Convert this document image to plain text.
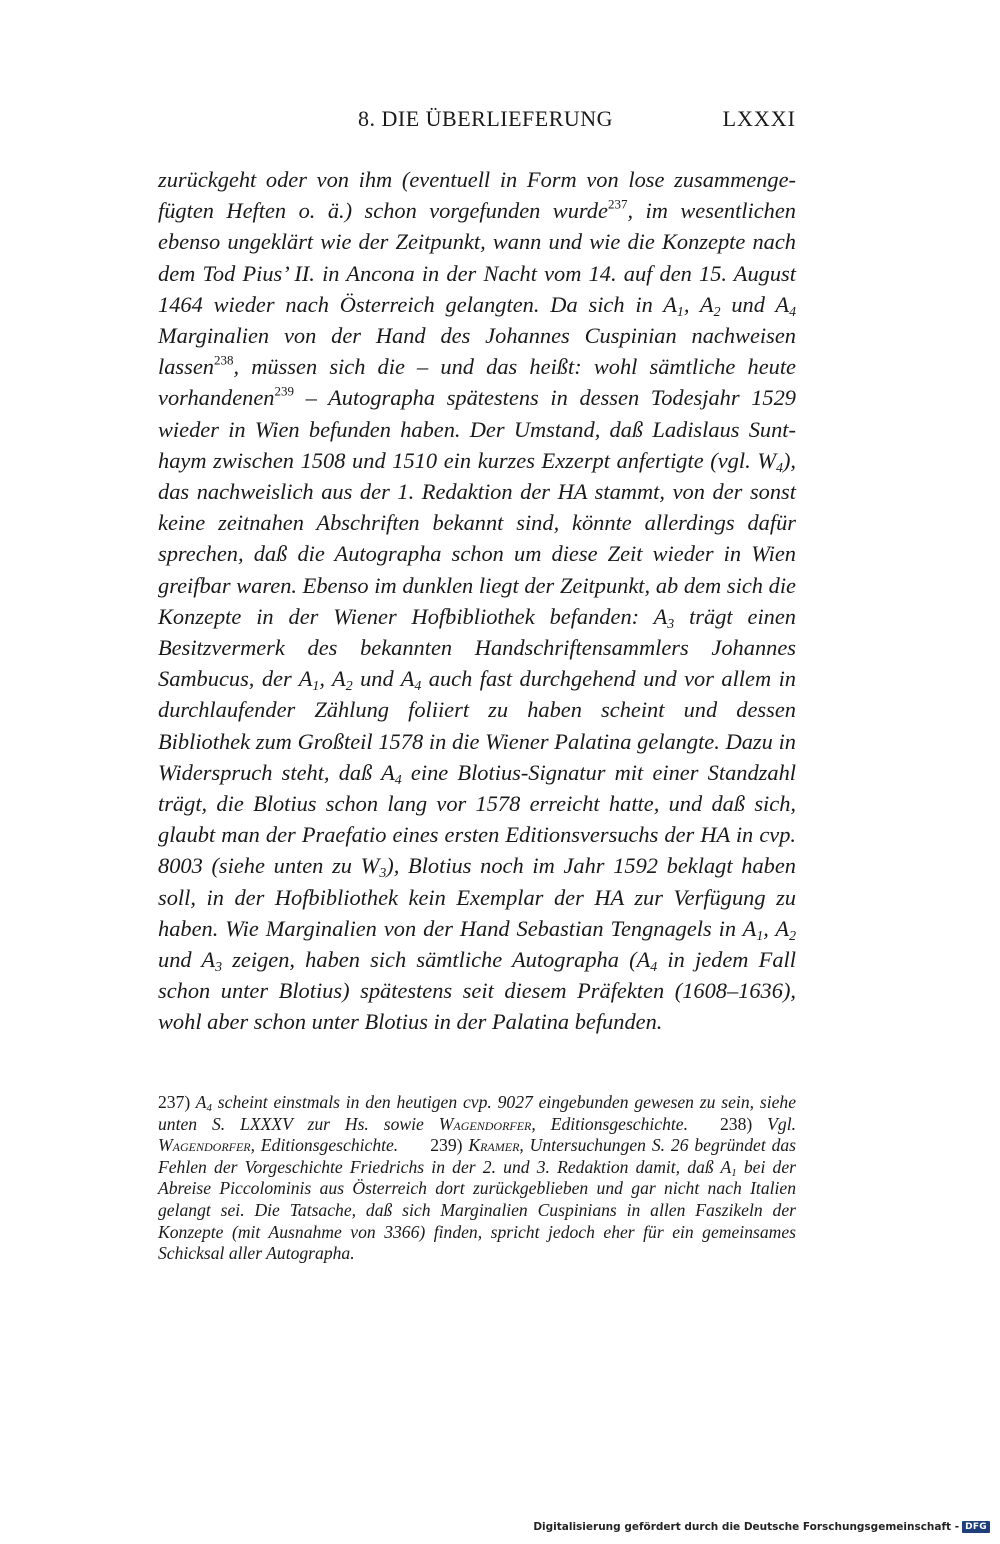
8. DIE ÜBERLIEFERUNG	LXXXI

zurückgeht oder von ihm (eventuell in Form von lose zusammengefügten Heften o. ä.) schon vorgefunden wurde$^{237}$, im wesentlichen ebenso ungeklärt wie der Zeitpunkt, wann und wie die Konzepte nach dem Tod Pius’ II. in Ancona in der Nacht vom 14. auf den 15. August 1464 wieder nach Österreich gelangten. Da sich in $A_1$, $A_2$ und $A_4$ Marginalien von der Hand des Johannes Cuspinian nachweisen lassen$^{238}$, müssen sich die – und das heißt: wohl sämtliche heute vorhandenen$^{239}$ – Autographa spätestens in dessen Todesjahr 1529 wieder in Wien befunden haben. Der Umstand, daß Ladislaus Sunthaym zwischen 1508 und 1510 ein kurzes Exzerpt anfertigte (vgl. $W_4$), das nachweislich aus der 1. Redaktion der HA stammt, von der sonst keine zeitnahen Abschriften bekannt sind, könnte allerdings dafür sprechen, daß die Autographa schon um diese Zeit wieder in Wien greifbar waren. Ebenso im dunklen liegt der Zeitpunkt, ab dem sich die Konzepte in der Wiener Hofbibliothek befanden: $A_3$ trägt einen Besitzvermerk des bekannten Handschriftensammlers Johannes Sambucus, der $A_1$, $A_2$ und $A_4$ auch fast durchgehend und vor allem in durchlaufender Zählung foliiert zu haben scheint und dessen Bibliothek zum Großteil 1578 in die Wiener Palatina gelangte. Dazu in Widerspruch steht, daß $A_4$ eine Blotius-Signatur mit einer Standzahl trägt, die Blotius schon lang vor 1578 erreicht hatte, und daß sich, glaubt man der Praefatio eines ersten Editionsversuchs der HA in cvp. 8003 (siehe unten zu $W_3$), Blotius noch im Jahr 1592 beklagt haben soll, in der Hofbibliothek kein Exemplar der HA zur Verfügung zu haben. Wie Marginalien von der Hand Sebastian Tengnagels in $A_1$, $A_2$ und $A_3$ zeigen, haben sich sämtliche Autographa ($A_4$ in jedem Fall schon unter Blotius) spätestens seit diesem Präfekten (1608–1636), wohl aber schon unter Blotius in der Palatina befunden.

237) $A_4$ scheint einstmals in den heutigen cvp. 9027 eingebunden gewesen zu sein, siehe unten S. LXXXV zur Hs. sowie Wagendorfer, Editionsgeschichte. 238) Vgl. Wagendorfer, Editionsgeschichte. 239) Kramer, Untersuchungen S. 26 begründet das Fehlen der Vorgeschichte Friedrichs in der 2. und 3. Redaktion damit, daß $A_1$ bei der Abreise Piccolominis aus Österreich dort zurückgeblieben und gar nicht nach Italien gelangt sei. Die Tatsache, daß sich Marginalien Cuspinians in allen Faszikeln der Konzepte (mit Ausnahme von 3366) finden, spricht jedoch eher für ein gemeinsames Schicksal aller Autographa.

Digitalisierung gefördert durch die Deutsche Forschungsgemeinschaft - DFG
